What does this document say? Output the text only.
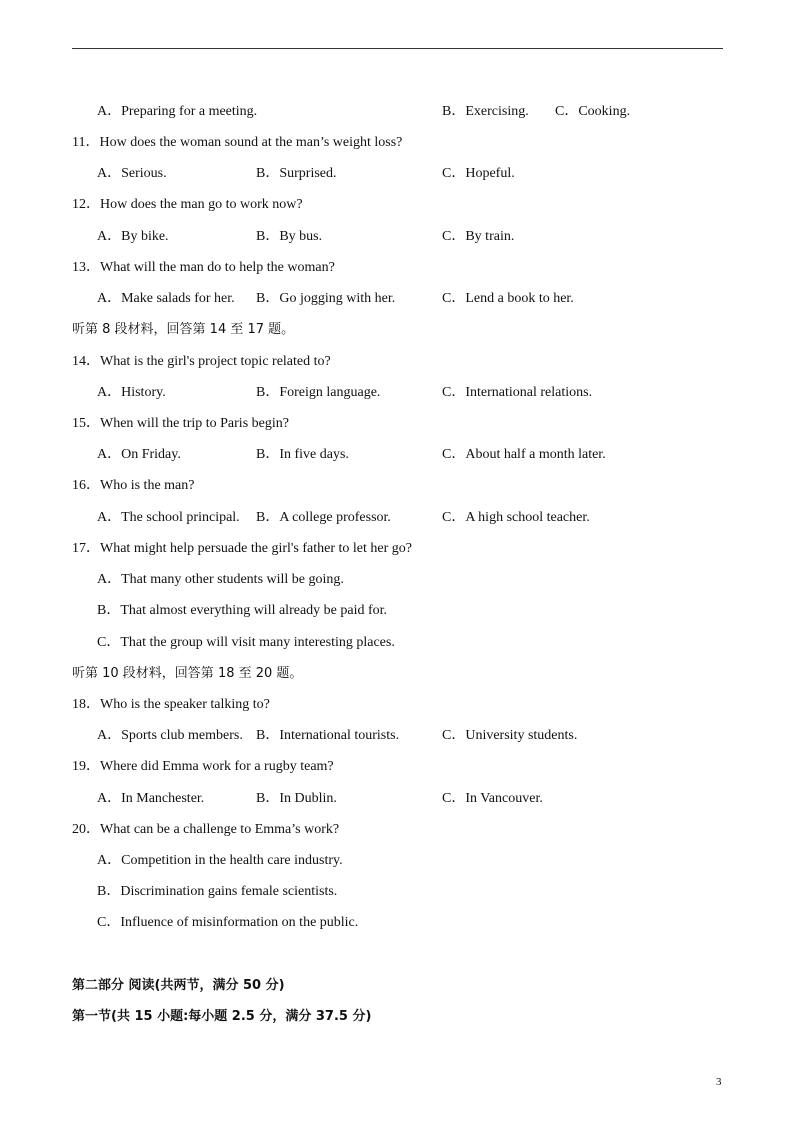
A．Preparing for a meeting.	B．Exercising. C．Cooking.
11．How does the woman sound at the man’s weight loss?
A．Serious.	B．Surprised.	C．Hopeful.
12．How does the man go to work now?
A．By bike.	B．By bus.	C．By train.
13．What will the man do to help the woman?
A．Make salads for her. B．Go jogging with her.	C．Lend a book to her.
听第 8 段材料，回答第 14 至 17 题。
14．What is the girl's project topic related to?
A．History.	B．Foreign language.	C．International relations.
15．When will the trip to Paris begin?
A．On Friday.	B．In five days.	C．About half a month later.
16．Who is the man?
A．The school principal. B．A college professor.	C．A high school teacher.
17．What might help persuade the girl's father to let her go?
A．That many other students will be going.
B．That almost everything will already be paid for.
C．That the group will visit many interesting places.
听第 10 段材料，回答第 18 至 20 题。
18．Who is the speaker talking to?
A．Sports club members. B．International tourists.	C．University students.
19．Where did Emma work for a rugby team?
A．In Manchester.	B．In Dublin.	C．In Vancouver.
20．What can be a challenge to Emma’s work?
A．Competition in the health care industry.
B．Discrimination gains female scientists.
C．Influence of misinformation on the public.
第二部分 阅读(共两节，满分 50 分)
第一节(共 15 小题:每小题 2.5 分，满分 37.5 分)
3
